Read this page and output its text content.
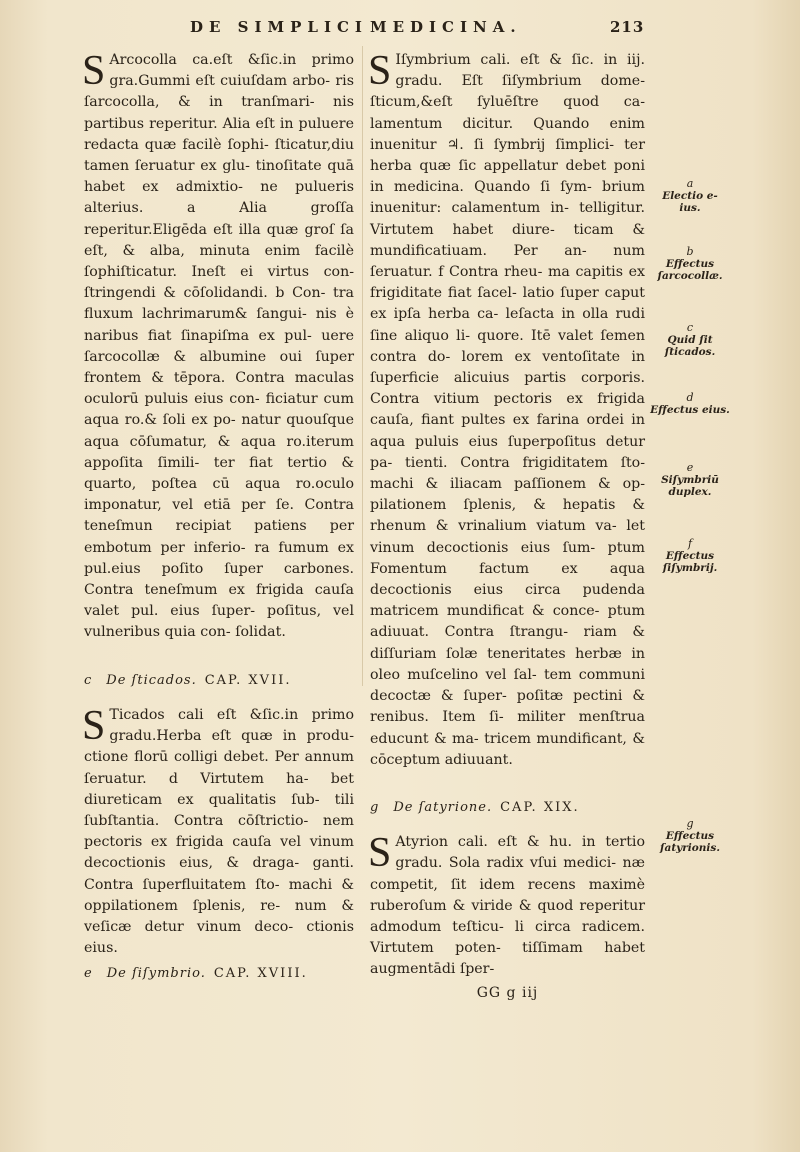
DE SIMPLICI MEDICINA.	213

S Arcocolla ca.eſt &ſic.in primo gra.Gummi eſt cuiuſdam arbo- ris ſarcocolla, & in tranſmari- nis partibus reperitur. Alia eſt in puluere redacta quæ facilè ſophi- ſticatur,diu tamen ſeruatur ex glu- tinoſitate quā habet ex admixtio- ne pulueris alterius. a Alia groſſa reperitur.Eligēda eſt illa quæ groſ ſa eſt, & alba, minuta enim facilè ſophiſticatur. Ineſt ei virtus con- ſtringendi & cōſolidandi. b Con- tra fluxum lachrimarum& ſangui- nis è naribus fiat ſinapiſma ex pul- uere ſarcocollæ & albumine oui ſuper frontem & tēpora. Contra maculas oculorū puluis eius con- ficiatur cum aqua ro.& ſoli ex po- natur quouſque aqua cōſumatur, & aqua ro.iterum appoſita ſimili- ter fiat tertio & quarto, poſtea cū aqua ro.oculo imponatur, vel etiā per ſe. Contra teneſmun recipiat patiens per embotum per inferio- ra fumum ex pul.eius poſito ſuper carbones. Contra teneſmum ex frigida cauſa valet pul. eius ſuper- poſitus, vel vulneribus quia con- ſolidat.

c De ſticados. CAP. XVII.

S Ticados cali eſt &ſic.in primo gradu.Herba eſt quæ in produ- ctione florū colligi debet. Per annum ſeruatur. d Virtutem ha- bet diureticam ex qualitatis ſub- tili ſubſtantia. Contra cōſtrictio- nem pectoris ex frigida cauſa vel vinum decoctionis eius, & draga- ganti. Contra ſuperfluitatem ſto- machi & oppilationem ſplenis, re- num & veſicæ detur vinum deco- ctionis eius.

e De ſiſymbrio. CAP. XVIII.

S Iſymbrium cali. eſt & ſic. in iij. gradu. Eſt ſiſymbrium dome- ſticum,&eſt ſyluēſtre quod ca- lamentum dicitur. Quando enim inuenitur ♃. ſi ſymbrij ſimplici- ter herba quæ ſic appellatur debet poni in medicina. Quando ſi ſym- brium inuenitur: calamentum in- telligitur. Virtutem habet diure- ticam & mundificatiuam. Per an- num ſeruatur. f Contra rheu- ma capitis ex frigiditate fiat ſacel- latio ſuper caput ex ipſa herba ca- leſacta in olla rudi ſine aliquo li- quore. Itē valet ſemen contra do- lorem ex ventoſitate in ſuperficie alicuius partis corporis. Contra vitium pectoris ex frigida cauſa, fiant pultes ex farina ordei in aqua puluis eius ſuperpoſitus detur pa- tienti. Contra frigiditatem ſto- machi & iliacam paſſionem & op- pilationem ſplenis, & hepatis & rhenum & vrinalium viatum va- let vinum decoctionis eius ſum- ptum Fomentum factum ex aqua decoctionis eius circa pudenda matricem mundificat & conce- ptum adiuuat. Contra ſtrangu- riam & diſſuriam ſolæ teneritates herbæ in oleo muſcelino vel ſal- tem communi decoctæ & ſuper- poſitæ pectini & renibus. Item ſi- militer menſtrua educunt & ma- tricem mundificant, & cōceptum adiuuant.

g De ſatyrione. CAP. XIX.

S Atyrion cali. eſt & hu. in tertio gradu. Sola radix vſui medici- næ competit, ſit idem recens maximè ruberoſum & viride & quod reperitur admodum teſticu- li circa radicem. Virtutem poten- tiſſimam habet augmentādi ſper-

GG g iij
a
Electio e- ius.
b
Effectus ſarcocollæ.
c
Quid ſit ſticados.
d
Effectus eius.
e
Siſymbriū duplex.
f
Effectus ſiſymbrij.
g
Effectus ſatyrionis.
